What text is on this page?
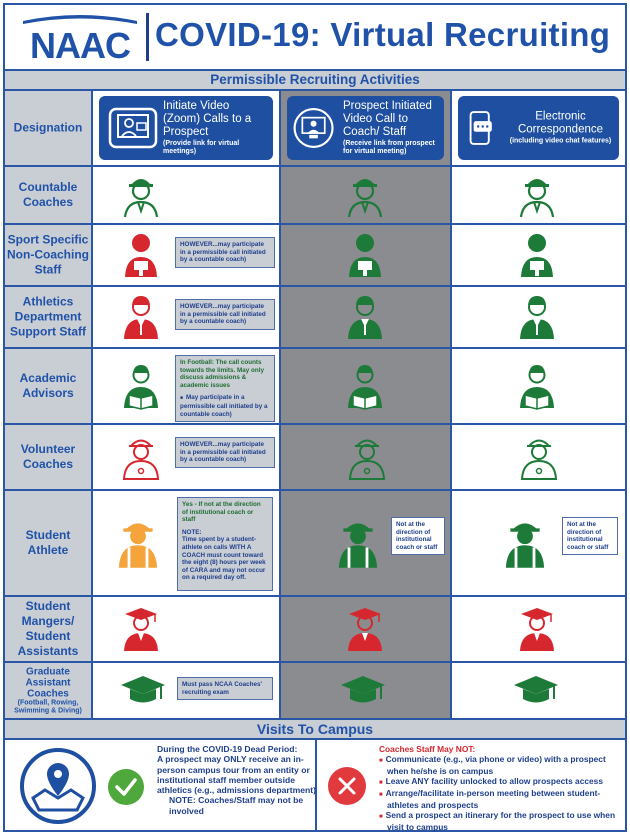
NAAC COVID-19: Virtual Recruiting
Permissible Recruiting Activities
Designation
Initiate Video (Zoom) Calls to a Prospect
(Provide link for virtual meetings)
Prospect Initiated Video Call to Coach/ Staff
(Receive link from prospect for virtual meeting)
Electronic Correspondence
(including video chat features)
Countable Coaches
Sport Specific Non-Coaching Staff
HOWEVER...may participate in a permissible call initiated by a countable coach)
Athletics Department Support Staff
HOWEVER...may participate in a permissible call initiated by a countable coach)
Academic Advisors
In Football: The call counts towards the limits. May only discuss admissions & academic issues
■ May participate in a permissible call initiated by a countable coach)
Volunteer Coaches
HOWEVER...may participate in a permissible call initiated by a countable coach)
Student Athlete
Yes - If not at the direction of institutional coach or staff
NOTE:
Time spent by a student-athlete on calls WITH A COACH must count toward the eight (8) hours per week of CARA and may not occur on a required day off.
Not at the direction of institutional coach or staff
Not at the direction of institutional coach or staff
Student Mangers/ Student Assistants
Graduate Assistant Coaches
(Football, Rowing, Swimming & Diving)
Must pass NCAA Coaches' recruiting exam
Visits To Campus
During the COVID-19 Dead Period:
A prospect may ONLY receive an in-person campus tour from an entity or institutional staff member outside athletics (e.g., admissions department)
NOTE: Coaches/Staff may not be involved
Coaches Staff May NOT:
■ Communicate (e.g., via phone or video) with a prospect when he/she is on campus
■ Leave ANY facility unlocked to allow prospects access
■ Arrange/facilitate in-person meeting between student-athletes and prospects
■ Send a prospect an itinerary for the prospect to use when visit to campus
